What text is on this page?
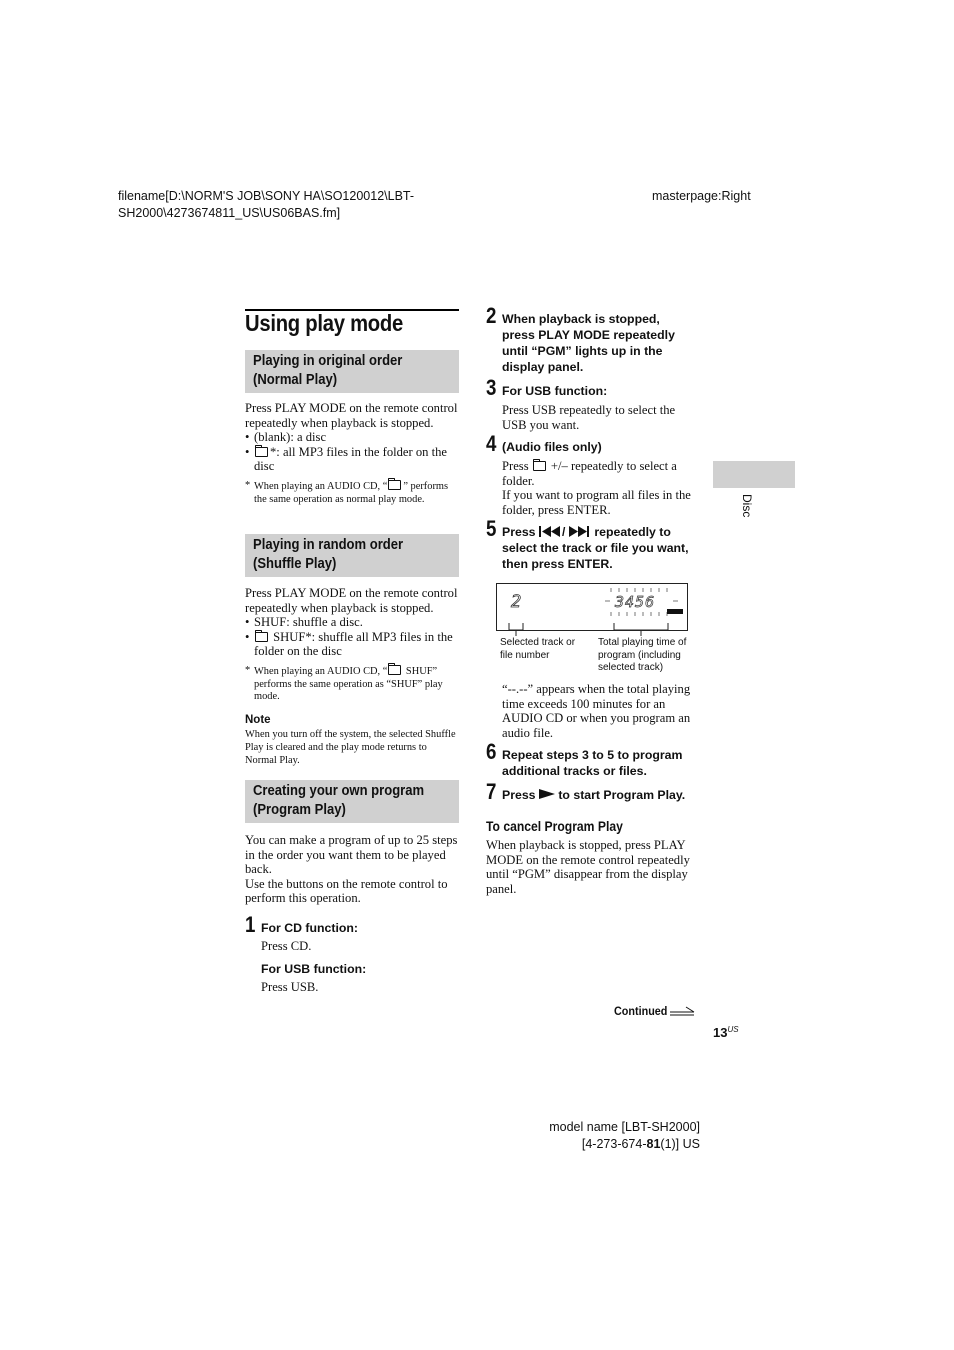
filename[D:\NORM'S JOB\SONY HA\SO120012\LBT-
SH2000\4273674811_US\US06BAS.fm]
masterpage:Right
Using play mode
Playing in original order
(Normal Play)
Press PLAY MODE on the remote control repeatedly when playback is stopped.
• (blank): a disc
•	*: all MP3 files in the folder on the disc
* When playing an AUDIO CD, “ ” performs the same operation as normal play mode.
Playing in random order
(Shuffle Play)
Press PLAY MODE on the remote control repeatedly when playback is stopped.
• SHUF: shuffle a disc.
•	SHUF*: shuffle all MP3 files in the folder on the disc
* When playing an AUDIO CD, “ SHUF” performs the same operation as “SHUF” play mode.
Note
When you turn off the system, the selected Shuffle Play is cleared and the play mode returns to Normal Play.
Creating your own program
(Program Play)
You can make a program of up to 25 steps in the order you want them to be played back.
Use the buttons on the remote control to perform this operation.
1 For CD function:
Press CD.
For USB function:
Press USB.
2 When playback is stopped, press PLAY MODE repeatedly until “PGM” lights up in the display panel.
3 For USB function:
Press USB repeatedly to select the USB you want.
4 (Audio files only)
Press  +/– repeatedly to select a folder.
If you want to program all files in the folder, press ENTER.
5 Press / repeatedly to select the track or file you want, then press ENTER.
2	3456
Selected track or file number
Total playing time of program (including selected track)
“--.--” appears when the total playing time exceeds 100 minutes for an AUDIO CD or when you program an audio file.
6 Repeat steps 3 to 5 to program additional tracks or files.
7 Press  to start Program Play.
To cancel Program Play
When playback is stopped, press PLAY MODE on the remote control repeatedly until “PGM” disappear from the display panel.
Disc
Continued
$13^{US}$
model name [LBT-SH2000]
[4-273-674-81(1)] US
